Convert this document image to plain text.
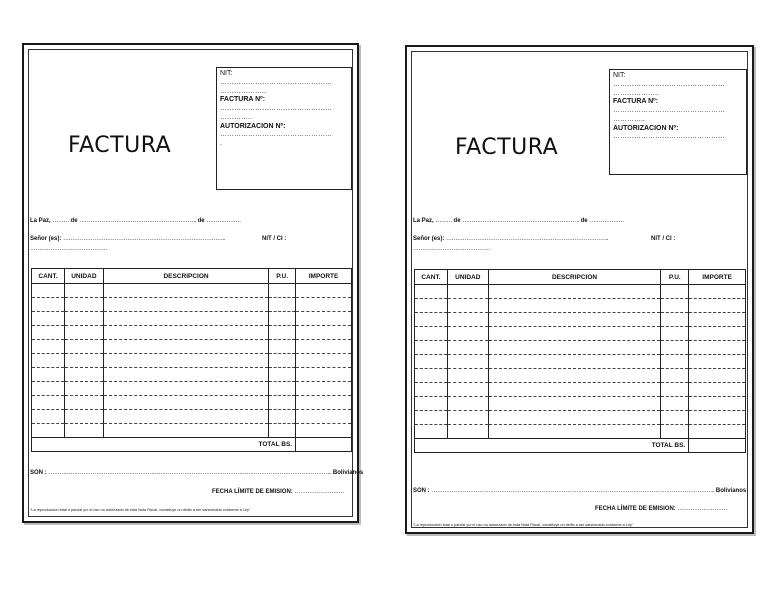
FACTURA
NIT:
…………………………………………
………………..
FACTURA Nº:
…………………………………………
…………..
AUTORIZACION Nº:
…………………………………………
.
La Paz, ……… de ………………………………………………………. de ……………….
Señor (es): ……………………………………………………………………………..	NIT / CI :
……………………………………
CANT.	UNIDAD	DESCRIPCION	P.U.	IMPORTE

TOTAL BS.				
SON : ……………………………………………………………………………………………………………………………………….. Bolivianos
FECHA LÍMITE DE EMISION: ………………………
"La reproducción total o parcial y/o el uso no autorizado de esta Nota Fiscal, constituye un delito a ser sancionado conforme a Ley"
FACTURA
NIT:
…………………………………………
………………..
FACTURA Nº:
…………………………………………
…………..
AUTORIZACION Nº:
…………………………………………
La Paz, ……… de ………………………………………………………. de ……………….
Señor (es): ……………………………………………………………………………..	NIT / CI :
……………………………………
CANT.	UNIDAD	DESCRIPCION	P.U.	IMPORTE

TOTAL BS.				
SON : ……………………………………………………………………………………………………………………………………….. Bolivianos
FECHA LÍMITE DE EMISION: ………………………
"La reproducción total o parcial y/o el uso no autorizado de esta Nota Fiscal, constituye un delito a ser sancionado conforme a Ley"
